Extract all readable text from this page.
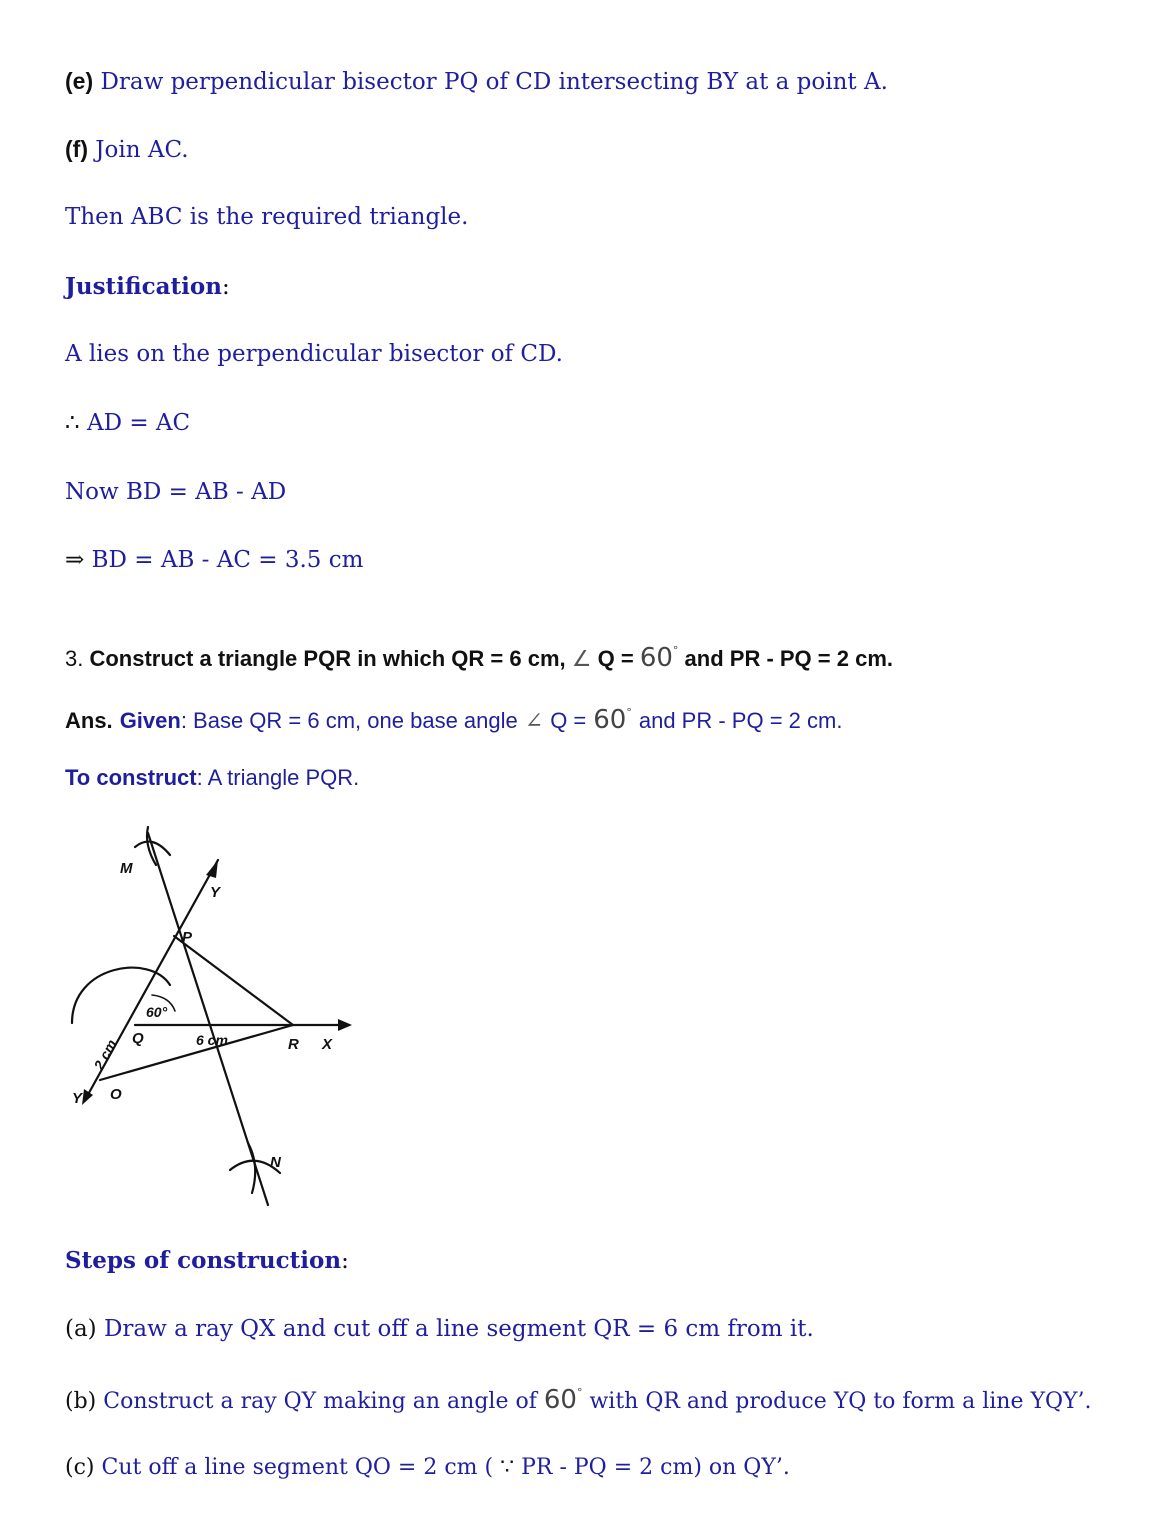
(e) Draw perpendicular bisector PQ of CD intersecting BY at a point A.
(f) Join AC.
Then ABC is the required triangle.
Justification:
A lies on the perpendicular bisector of CD.
∴ AD = AC
Now BD = AB - AD
⇒ BD = AB - AC = 3.5 cm
3. Construct a triangle PQR in which QR = 6 cm, ∠ Q = 60° and PR - PQ = 2 cm.
Ans. Given: Base QR = 6 cm, one base angle ∠ Q = 60° and PR - PQ = 2 cm.
To construct: A triangle PQR.
M
Y
P
60°
Q	6 cm	R X
2 cm
Y' O
N
Steps of construction:
(a) Draw a ray QX and cut off a line segment QR = 6 cm from it.
(b) Construct a ray QY making an angle of 60° with QR and produce YQ to form a line YQY’.
(c) Cut off a line segment QO = 2 cm ( ∵ PR - PQ = 2 cm) on QY’.
